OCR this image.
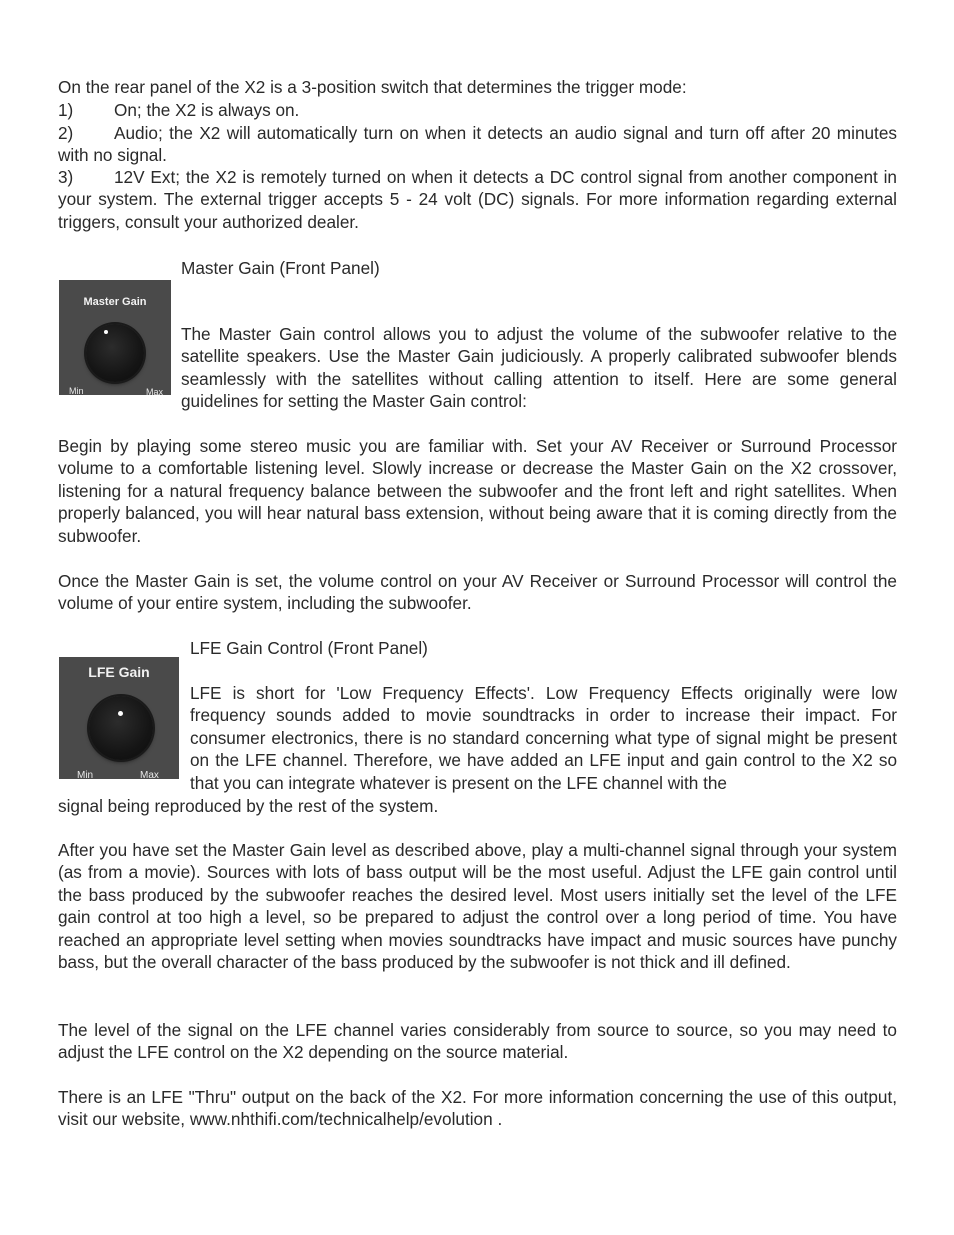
On the rear panel of the X2 is a 3-position switch that determines the trigger mode:
1) On; the X2 is always on.
2) Audio; the X2 will automatically turn on when it detects an audio signal and turn off after 20 minutes with no signal.
3) 12V Ext; the X2 is remotely turned on when it detects a DC control signal from another component in your system. The external trigger accepts 5 - 24 volt (DC) signals. For more information regarding external triggers, consult your authorized dealer.
Master Gain (Front Panel)
Master Gain
Min	Max
The Master Gain control allows you to adjust the volume of the subwoofer relative to the satellite speakers. Use the Master Gain judiciously. A properly calibrated subwoofer blends seamlessly with the satellites without calling attention to itself. Here are some general guidelines for setting the Master Gain control:
Begin by playing some stereo music you are familiar with. Set your AV Receiver or Surround Processor volume to a comfortable listening level. Slowly increase or decrease the Master Gain on the X2 crossover, listening for a natural frequency balance between the subwoofer and the front left and right satellites. When properly balanced, you will hear natural bass extension, without being aware that it is coming directly from the subwoofer.
Once the Master Gain is set, the volume control on your AV Receiver or Surround Processor will control the volume of your entire system, including the subwoofer.
LFE Gain Control (Front Panel)
LFE Gain
Min	Max
LFE is short for 'Low Frequency Effects'. Low Frequency Effects originally were low frequency sounds added to movie soundtracks in order to increase their impact. For consumer electronics, there is no standard concerning what type of signal might be present on the LFE channel. Therefore, we have added an LFE input and gain control to the X2 so that you can integrate whatever is present on the LFE channel with the
signal being reproduced by the rest of the system.
After you have set the Master Gain level as described above, play a multi-channel signal through your system (as from a movie). Sources with lots of bass output will be the most useful. Adjust the LFE gain control until the bass produced by the subwoofer reaches the desired level. Most users initially set the level of the LFE gain control at too high a level, so be prepared to adjust the control over a long period of time. You have reached an appropriate level setting when movies soundtracks have impact and music sources have punchy bass, but the overall character of the bass produced by the subwoofer is not thick and ill defined.
The level of the signal on the LFE channel varies considerably from source to source, so you may need to adjust the LFE control on the X2 depending on the source material.
There is an LFE "Thru" output on the back of the X2. For more information concerning the use of this output, visit our website, www.nhthifi.com/technicalhelp/evolution .
